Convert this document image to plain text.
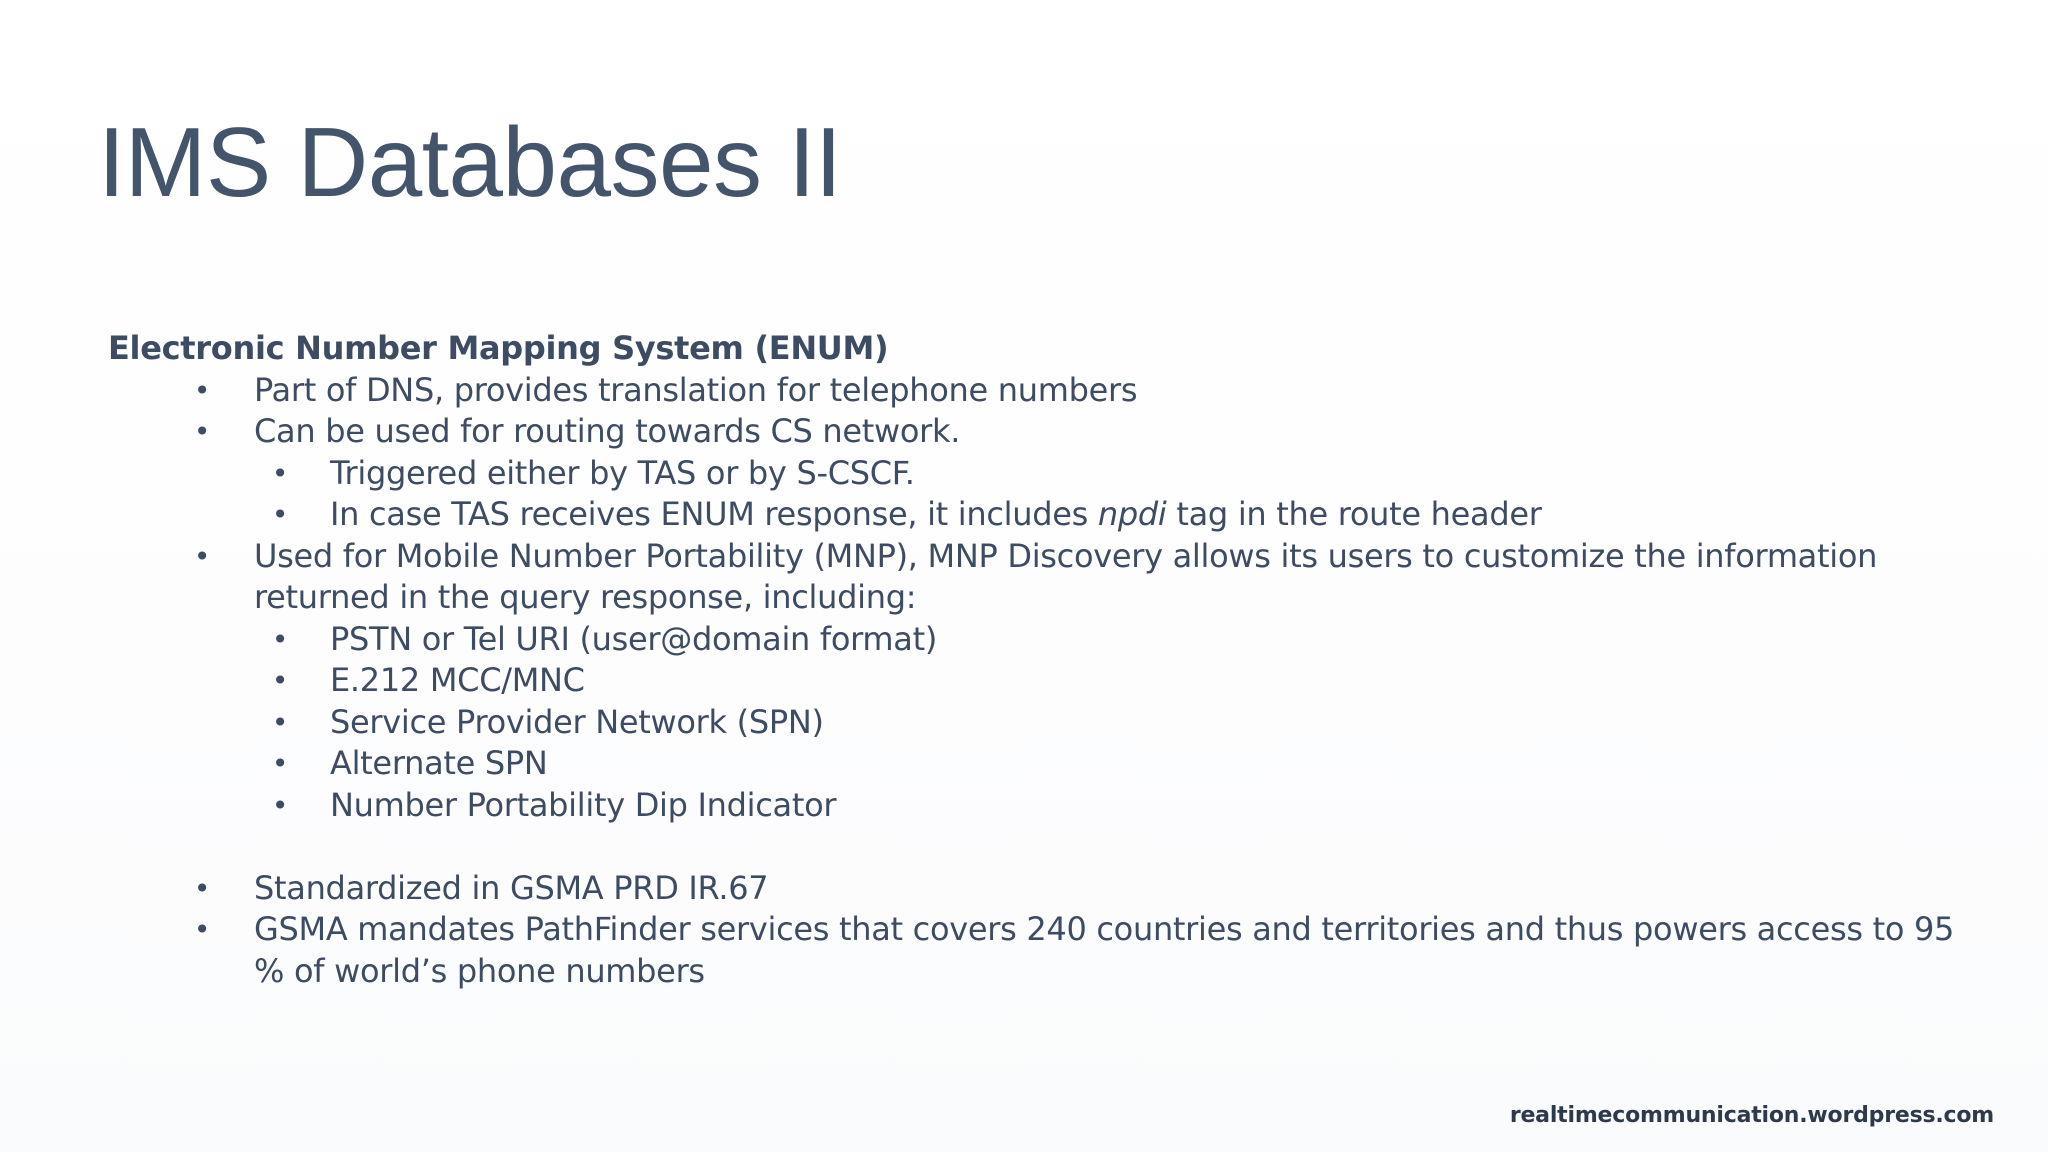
IMS Databases II
Electronic Number Mapping System (ENUM)
• Part of DNS, provides translation for telephone numbers
• Can be used for routing towards CS network.
• Triggered either by TAS or by S-CSCF.
• In case TAS receives ENUM response, it includes npdi tag in the route header
• Used for Mobile Number Portability (MNP), MNP Discovery allows its users to customize the information returned in the query response, including:
• PSTN or Tel URI (user@domain format)
• E.212 MCC/MNC
• Service Provider Network (SPN)
• Alternate SPN
• Number Portability Dip Indicator
• Standardized in GSMA PRD IR.67
• GSMA mandates PathFinder services that covers 240 countries and territories and thus powers access to 95 % of world’s phone numbers
realtimecommunication.wordpress.com
